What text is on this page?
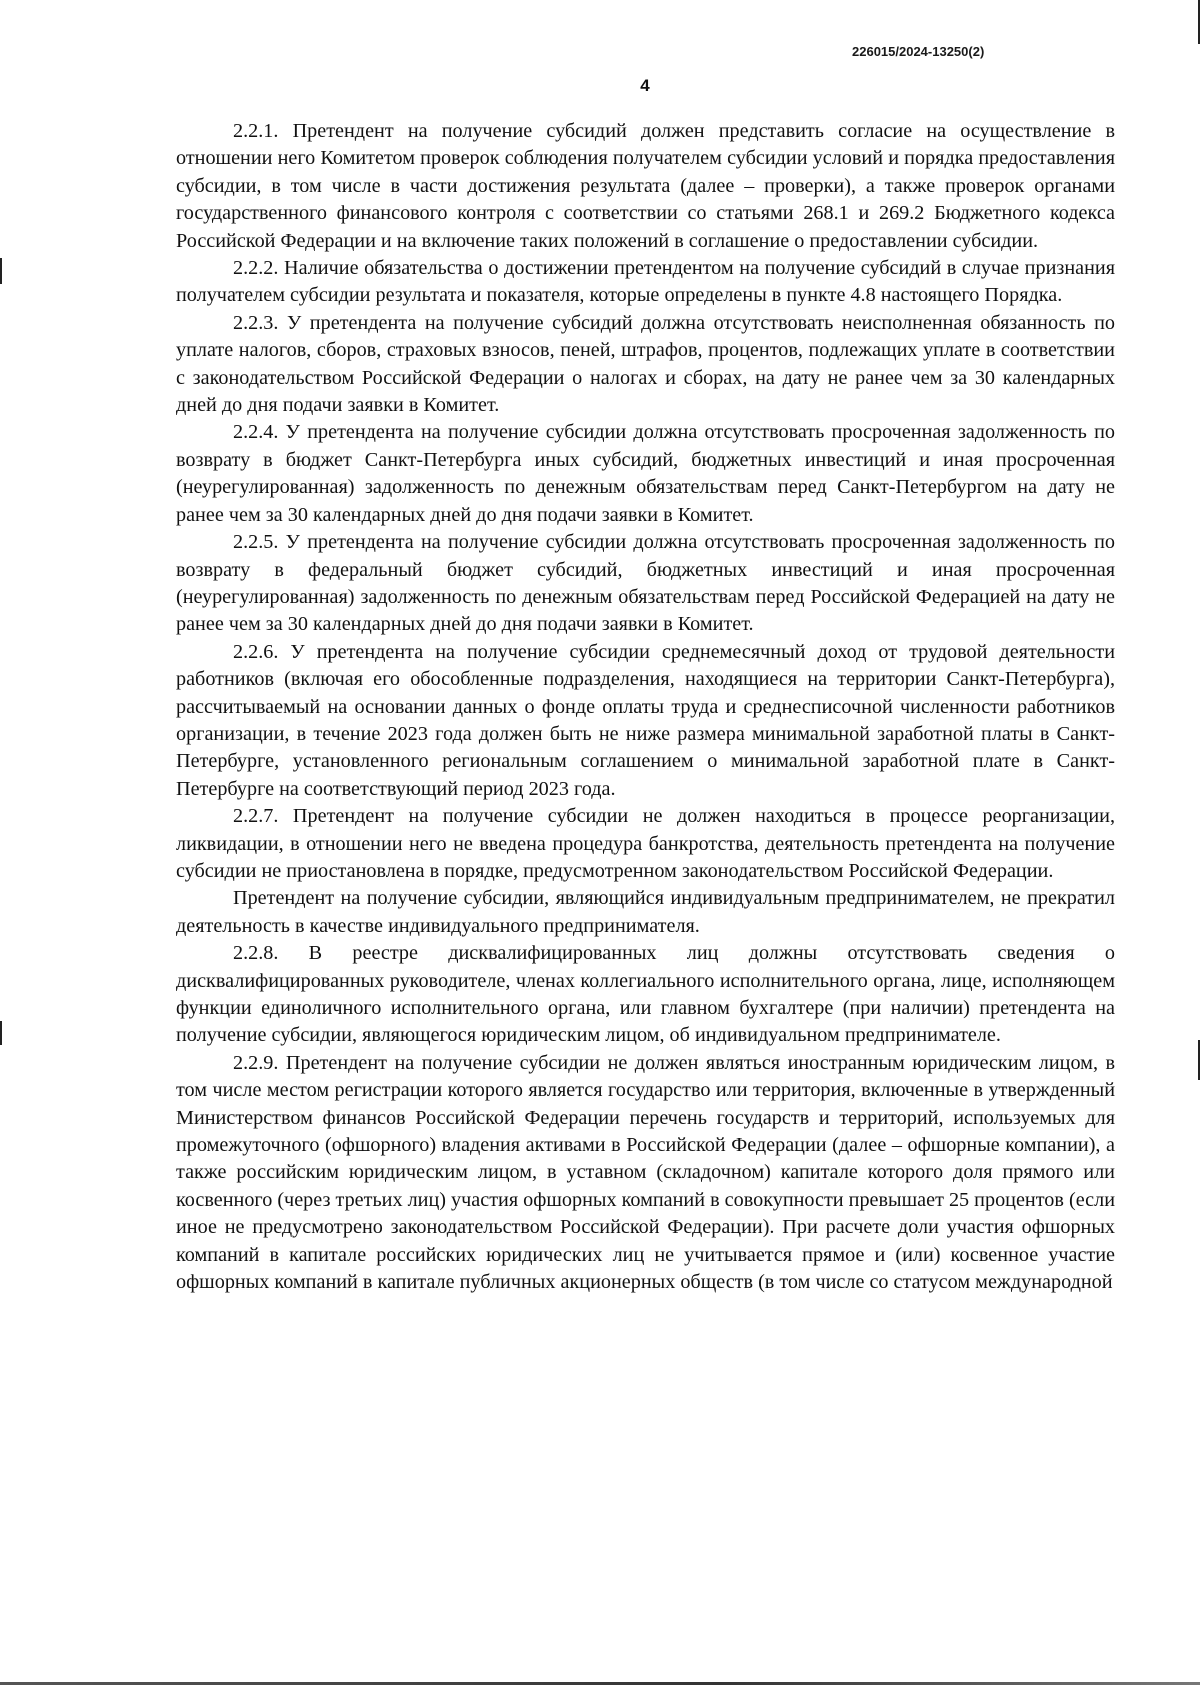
226015/2024-13250(2)
4

2.2.1. Претендент на получение субсидий должен представить согласие на осуществление в отношении него Комитетом проверок соблюдения получателем субсидии условий и порядка предоставления субсидии, в том числе в части достижения результата (далее – проверки), а также проверок органами государственного финансового контроля с соответствии со статьями 268.1 и 269.2 Бюджетного кодекса Российской Федерации и на включение таких положений в соглашение о предоставлении субсидии.

2.2.2. Наличие обязательства о достижении претендентом на получение субсидий в случае признания получателем субсидии результата и показателя, которые определены в пункте 4.8 настоящего Порядка.

2.2.3. У претендента на получение субсидий должна отсутствовать неисполненная обязанность по уплате налогов, сборов, страховых взносов, пеней, штрафов, процентов, подлежащих уплате в соответствии с законодательством Российской Федерации о налогах и сборах, на дату не ранее чем за 30 календарных дней до дня подачи заявки в Комитет.

2.2.4. У претендента на получение субсидии должна отсутствовать просроченная задолженность по возврату в бюджет Санкт-Петербурга иных субсидий, бюджетных инвестиций и иная просроченная (неурегулированная) задолженность по денежным обязательствам перед Санкт-Петербургом на дату не ранее чем за 30 календарных дней до дня подачи заявки в Комитет.

2.2.5. У претендента на получение субсидии должна отсутствовать просроченная задолженность по возврату в федеральный бюджет субсидий, бюджетных инвестиций и иная просроченная (неурегулированная) задолженность по денежным обязательствам перед Российской Федерацией на дату не ранее чем за 30 календарных дней до дня подачи заявки в Комитет.

2.2.6. У претендента на получение субсидии среднемесячный доход от трудовой деятельности работников (включая его обособленные подразделения, находящиеся на территории Санкт-Петербурга), рассчитываемый на основании данных о фонде оплаты труда и среднесписочной численности работников организации, в течение 2023 года должен быть не ниже размера минимальной заработной платы в Санкт-Петербурге, установленного региональным соглашением о минимальной заработной плате в Санкт-Петербурге на соответствующий период 2023 года.

2.2.7. Претендент на получение субсидии не должен находиться в процессе реорганизации, ликвидации, в отношении него не введена процедура банкротства, деятельность претендента на получение субсидии не приостановлена в порядке, предусмотренном законодательством Российской Федерации.

Претендент на получение субсидии, являющийся индивидуальным предпринимателем, не прекратил деятельность в качестве индивидуального предпринимателя.

2.2.8. В реестре дисквалифицированных лиц должны отсутствовать сведения о дисквалифицированных руководителе, членах коллегиального исполнительного органа, лице, исполняющем функции единоличного исполнительного органа, или главном бухгалтере (при наличии) претендента на получение субсидии, являющегося юридическим лицом, об индивидуальном предпринимателе.

2.2.9. Претендент на получение субсидии не должен являться иностранным юридическим лицом, в том числе местом регистрации которого является государство или территория, включенные в утвержденный Министерством финансов Российской Федерации перечень государств и территорий, используемых для промежуточного (офшорного) владения активами в Российской Федерации (далее – офшорные компании), а также российским юридическим лицом, в уставном (складочном) капитале которого доля прямого или косвенного (через третьих лиц) участия офшорных компаний в совокупности превышает 25 процентов (если иное не предусмотрено законодательством Российской Федерации). При расчете доли участия офшорных компаний в капитале российских юридических лиц не учитывается прямое и (или) косвенное участие офшорных компаний в капитале публичных акционерных обществ (в том числе со статусом международной
